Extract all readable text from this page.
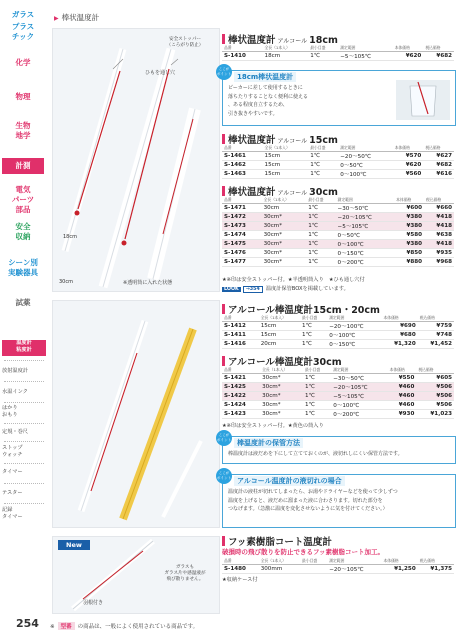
ガラス
プラス
チック
化学
物理
生物
地学
計測
電気
パーツ
部品
安全
収納
シーン別
実験器具
試薬
温度計
粘度計
放射温度計
水温インク
はかり
おもり
定規・巻尺
ストップ
ウォッチ
タイマー
テスター
記録
タイマー
▶ 棒状温度計
安全ストッパー
（ころがり防止）
ひもを通し穴
18cm
30cm	※透明筒に入れた状態
ガラスも
ガラス片や感温液が
飛び散りません。
羽根付き
New
棒状温度計 アルコール 18cm
品番	全長（1本入）	最小目盛	測定範囲	本体価格	税込価格
S-1410	18cm	1℃	−5〜105℃	¥620	¥682
ここが
ポイント 18cm棒状温度計
ビーカーに差して使用するときに
落ちたりすることなく便利に使える
、ある程度自立するため、
引き抜きやすいです。
棒状温度計 アルコール 15cm
品番	全長（1本入）	最小目盛	測定範囲	本体価格	税込価格
S-1461	15cm	1℃	−20〜50℃	¥570	¥627
S-1462	15cm	1℃	0〜50℃	¥620	¥682
S-1463	15cm	1℃	0〜100℃	¥560	¥616
棒状温度計 アルコール 30cm
品番	全長（1本入）	最小目盛	測定範囲	本体価格	税込価格
S-1471	30cm	1℃	−30〜50℃	¥600	¥660
S-1472	30cm*	1℃	−20〜105℃	¥380	¥418
S-1473	30cm*	1℃	−5〜105℃	¥380	¥418
S-1474	30cm*	1℃	0〜50℃	¥580	¥638
S-1475	30cm*	1℃	0〜100℃	¥380	¥418
S-1476	30cm*	1℃	0〜150℃	¥850	¥935
S-1477	30cm*	1℃	0〜200℃	¥880	¥968
★※印は安全ストッパー付。★半透明筒入り　★ひも通し穴付
LOOK →354 温度計保管BOXを掲載しています。
アルコール棒温度計15cm・20cm
品番	全長（1本入）	最小目盛	測定範囲	本体価格	税込価格
S-1412	15cm	1℃	−20〜100℃	¥690	¥759
S-1411	15cm	1℃	0〜100℃	¥680	¥748
S-1416	20cm	1℃	0〜150℃	¥1,320	¥1,452
アルコール棒温度計30cm
品番	全長（1本入）	最小目盛	測定範囲	本体価格	税込価格
S-1421	30cm*	1℃	−30〜50℃	¥550	¥605
S-1425	30cm*	1℃	−20〜105℃	¥460	¥506
S-1422	30cm*	1℃	−5〜105℃	¥460	¥506
S-1424	30cm*	1℃	0〜100℃	¥460	¥506
S-1423	30cm*	1℃	0〜200℃	¥930	¥1,023
★※印は安全ストッパー付。★黄色の筒入り
ここが
ポイント 棒温度計の保管方法
棒温度計は液だめを下にして立てておくのが、液切れしにくい保管方法です。
ここが
ポイント アルコール温度計の液切れの場合
温度計の液柱が切れてしまったら、お湯やドライヤーなどを使って少しずつ
温度を上げると、液だめに溜まった液に合わさります。切れた部分を
つなげます。（急激に温度を変化させないように気を付けてください。）
フッ素樹脂コート温度計
破損時の飛び散りを防止できるフッ素樹脂コート加工。
品番	全長（1本入）	最小目盛	測定範囲	本体価格	税込価格
S-1480	300mm		−20〜105℃	¥1,250	¥1,375
★収納ケース付
254 ※ 型番 の商品は、一般によく使用されている商品です。
